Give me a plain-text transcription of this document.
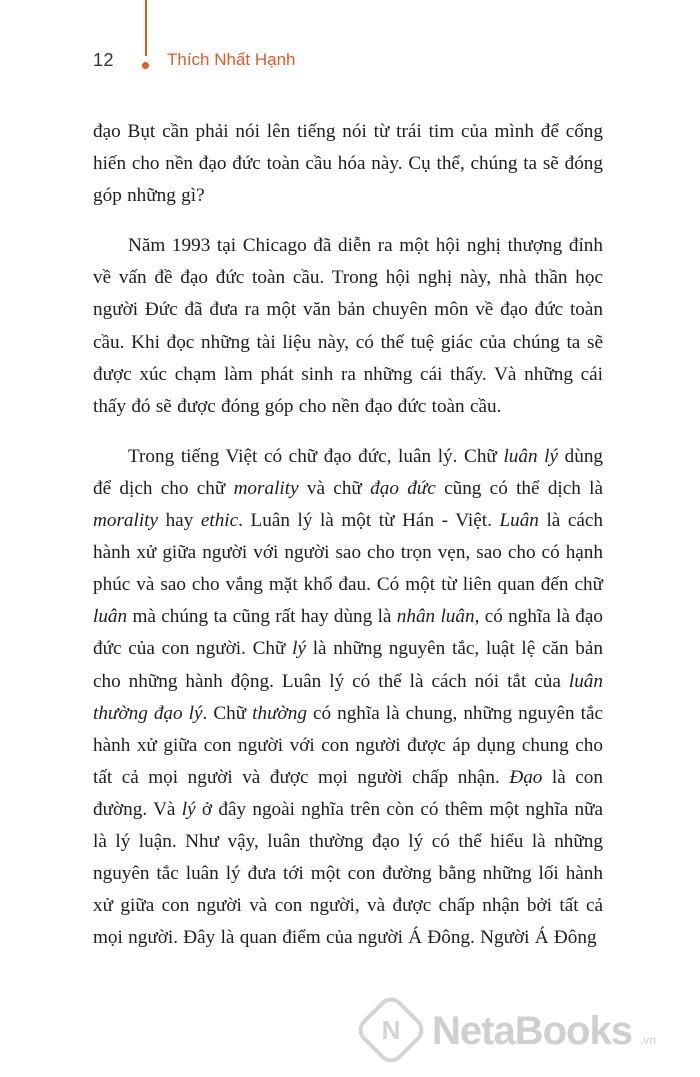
12	Thích Nhất Hạnh

đạo Bụt cần phải nói lên tiếng nói từ trái tim của mình để cống hiến cho nền đạo đức toàn cầu hóa này. Cụ thể, chúng ta sẽ đóng góp những gì?

Năm 1993 tại Chicago đã diễn ra một hội nghị thượng đỉnh về vấn đề đạo đức toàn cầu. Trong hội nghị này, nhà thần học người Đức đã đưa ra một văn bản chuyên môn về đạo đức toàn cầu. Khi đọc những tài liệu này, có thể tuệ giác của chúng ta sẽ được xúc chạm làm phát sinh ra những cái thấy. Và những cái thấy đó sẽ được đóng góp cho nền đạo đức toàn cầu.

Trong tiếng Việt có chữ đạo đức, luân lý. Chữ luân lý dùng để dịch cho chữ morality và chữ đạo đức cũng có thể dịch là morality hay ethic. Luân lý là một từ Hán - Việt. Luân là cách hành xử giữa người với người sao cho trọn vẹn, sao cho có hạnh phúc và sao cho vắng mặt khổ đau. Có một từ liên quan đến chữ luân mà chúng ta cũng rất hay dùng là nhân luân, có nghĩa là đạo đức của con người. Chữ lý là những nguyên tắc, luật lệ căn bản cho những hành động. Luân lý có thể là cách nói tắt của luân thường đạo lý. Chữ thường có nghĩa là chung, những nguyên tắc hành xử giữa con người với con người được áp dụng chung cho tất cả mọi người và được mọi người chấp nhận. Đạo là con đường. Và lý ở đây ngoài nghĩa trên còn có thêm một nghĩa nữa là lý luận. Như vậy, luân thường đạo lý có thể hiểu là những nguyên tắc luân lý đưa tới một con đường bằng những lối hành xử giữa con người và con người, và được chấp nhận bởi tất cả mọi người. Đây là quan điểm của người Á Đông. Người Á Đông

N NetaBooks .vn
